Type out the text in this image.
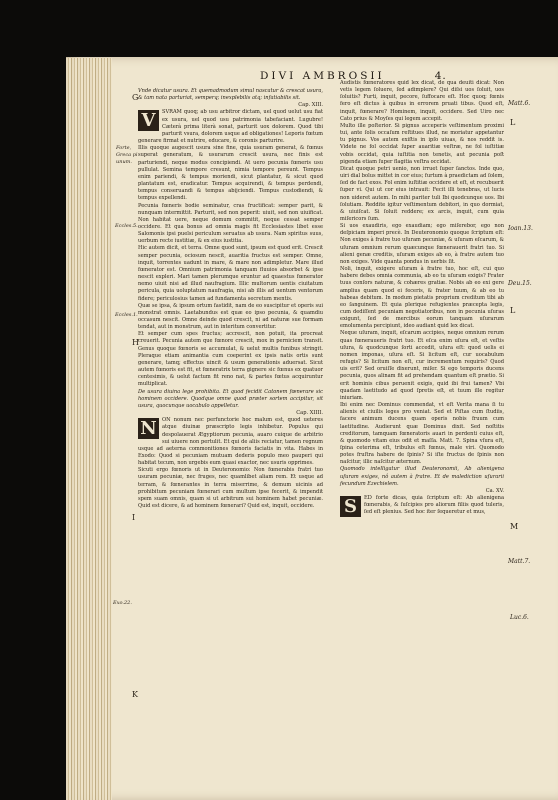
DIVI AMBROSII	4.
Forte,
Greca pi
unum.
Eccles.5.
Eccles.1.
Exo.22.
G
H
I
K
Matt.6.
Ioan.13.
Deu.15.
Matt.7.
Luc.6.
L
L
M

Vnde dicatur usura. Et quemadmodum simul nascatur & crescat usura, & tam nata parturiat, semperq; inexplebilis atq; infatiabilis sit.

Cap. XIII.

V	SVRAM quoq; ab usu arbitror dictam, uel quod uelut usu fiat ex usura, uel quod usu patrimonia tabefaciant. Lugubre! Cæterà prima literà sonat, parturit uox dolorem. Quod tibi parturit vsura, dolorem usque ad obligationes! Leporis fœtum generare firmat et nutrire, educare, & coronis parturire.

Illis quoque augescit usura sine fine, quia usuram generat, & fœnus superat generatum, & usurarum crescit usura, nec finis est parturiendi, neque modus concipiendi. At uero pecunia fœneris usu pullulat. Semina tempore cresunt, nimia tempore pereunt. Tempus enim pariendi, & tempus moriendi, sicut plantatur, & sicut quod plantatum est, eradicatur. Tempus acquirendi, & tempus perdendi, tempus conseruandi & tempus abijciendi. Tempus custodiendi, & tempus expellendi.

Pecunia fœneris bodie seminatur, cras fructificat: semper parit, & nunquam intermittit. Parturit, sed non peperit: uiuit, sed non uiuificat. Non habitat uere, neque domum commitit, neque cessat semper occidere. Et qua bonus ad omnia magis fit Ecclesiastes libet esse Salomonis ipsi puelsi periculum seruatus ab usura. Nam spiritus suus, uerbum recte iustitiæ, & ex eius iustitia.

Hic autem dicit, et terra. Omne quod sunt, ipsum est quod erit. Crescit semper pecunia, ociosum nescit, auaritia fructus est semper. Omne, inquit, torrentes uadunt in mare, & mare non adimpletur. Mare illud fœnerator est. Omnium patrimonia tanquam fluuios absorbet & ipse nescit expleri. Mari tamen plerumque eruntur ad quaestus fœnerator nemo uiuit nisi ad illud naufragium. Illic multorum uentis ciuitatum pericula, quia uoluptatum naufragia, nisi ab illis ad uentum ventorum fidere; periculosius tamen ad fundamenta secretum mentis.

Quæ se ipsa, & ipsum ortum fastidit, nam de eo suscipitur et operis sui monstrat omnis. Laetabundus est quæ eo ipso pecunia, & quamdiu occasum nescit. Omne deinde quod crescit, ni ad naturæ sue formam tendat, aut in monstrum, aut in interitum convertitur.

Et semper cum spes fructus; accrescit, non potuit, ita procreat creuerit. Pecunia autem que fœnore crescit, mox in perniciem transit. Genus quoque fœnoris se accumulat, & uelut multis funibus stringit. Pleraque etiam animantia cum coeperint ex ipsis natis ortis sunt generare, tamq; effectus uincit & usum generationis aduersat. Sicut autem fœnoris est fit, et fœneratrix terra gignere sic fœnus ex quatuor centesimis, & uelut factum fit reno nat, & partes fœtus acquiruntur multiplicat.

De usura diuina lege prohibita. Et quod fecidit Catonem fœnerare sic hominem occidere. Quodque omne quod præter sortem accipitur, sit usura, quocunque uocabulo appelletur.

Cap. XIIII.

N	ON nonum nec perfunctorie hoc malum est, quod ueteres atque diuinæ præscripto legis inhibetur. Populus qui despolauerat Ægyptiorum pecunia, auaro cuique de arbitrio sui uiuere non pertulit. Et qui de aliis reciatur, tamen regnum usque ad aeterna commonitiones fœnoris faciatis in vita. Habes in Exodo: Quod si pecuniam mutuam dederis populo meo pauperi qui habitat tecum, non urgebis eum quasi exactor, nec usuris opprimes.

Sicuti ergo fœnoris ut in Deuteronomio: Non fœnerabis fratri tuo usuram pecuniæ, nec fruges, nec quamlibet aliam rem. Et usque ad terram, & fœnerantes in terra miserrime, & demum uicinis ad prohibitum pecuniam fœnerari cum multum ipse fecerit, & impendit spem suam omnis, quam si ut arbitrum sui hominem habet pecuniæ. Quid est dicere, & ad hominem fœnerari? Quid est, inquit, occidere.

Audistis fœneratores quid lex dicat, de qua deuiti dicat: Non vetis legem ſoluere, ſed adimplere? Qui diſsi uos ſoluit, uos ſoluitis? Furti, inquit, pecore, ſuffocare eſt. Hoc quoq; fœnis fero eſt dictus à quibus in errorem pruati tibus. Quod eſt, inquit, fœnerare? Hominem, inquit, occidere. Sed Uiro nec Cato prius & Moyſes qui legem accepit.

Multo ille poſterior. Si pignus acceperis veſtimentum proximi tui, ante ſolis occaſum reſtitues illud, ne moriatur appetantur tu pignus. Vos autem exiſtis in ipſo uiuas, & nos reddit is. Videte ne fol occidat ſuper auaritiæ veſtræ, ne fol iuſtitiæ vobis occidat, quia iuſtitia non tenetis, aut pecunia poſt pigenda etiam ſuper flagitia veſtra occidat.

Dicat quoque petri uenio, non irruet ſuper ſanctos. Inde quo, uiri dial bolus mittet in cor eius; furtum à praedictam ad ſolem, ſed de fact exos. Fol enim iuſtitiæ occidere et eſt, et recubuerit ſuper vi. Qui ut cor eius intrauit: Fecit illi tenebras, ut lucis non uideret autem. In mihi pariter tuli Ibi quodcunque uos. Ibi ſolutiam. Reddite igitur veſtimentum debitori, in quo dormiat, & uiuiſcat. Si ſoluit reddere; ex arcis, inquit, cum quia miſericors ſum.

Si uos exaudiris, ego exaudiam; ego miſerebor, ego non deſpiciam imperi precè. In Deuteronomio quoque ſcriptum eſt: Non exiges à fratre tuo uſuram pecuniæ, & uſuram eſcarum, & uſuram omnium rerum quæcunque fœnerauerit fratri tuo. Si alieni genæ creditis, uſuram exiges ab eo, à fratre autem tuo non exiges. Vide quanta pondus in uerbis ſit.

Noli, inquit, exigere uſuram à fratre tuo, hoc eſt, cui quo habere debes omnia communia, ab eo tu uſuram exigis? Frater tuus conſors naturæ, & cohæres gratiæ. Nobis ab eo exi gere amplius quam quod ei feceris, & frater tuum, & ab eo tu habeas debitum. In modum pietatis proprium creditum tibi ab eo ſanguinem. Et quia plerique refugientes præcepta legis, cum dediſſent pecuniam negotiatoribus, non in pecunia uſuras exigunt, ſed de mercibus eorum tanquam uſurarum emolumenta percipiunt, ideo audiant quid lex dicat.

Neque uſuram, inquit, eſcarum accipies, neque omnium rerum quas fœneraueris fratri tuo. Et eſca enim uſura eſt, et veſtis uſura, & quodcunque ſorti accedit, uſura eſt: quod uelis ei nomen imponas, uſura eſt. Si licitum eſt, cur uocabulum refugis? Si licitum non eſt, cur incrementum requiris? Quod uis erit? Sed oruiſſe dixerunt, miſer. Si ego temporis ducens pecunia, quos alinam fit ad prehendam quantum eſt prætio. Si erit hominis cibus peruenit exigis, quid ibi frui tamen? Vbi quadam laetitudo ad quod ſpretis eſt, et tuum ille regitur iniuriam.

Ibi enim nec Dominus commendat, vt eſt Verita mana ſi tu alienis et ciuilis leges pro veniat. Sed et Piſtas cum ſtudiis, facere animum ducens quam operis nobis fruum cum laetitudine. Audierunt quæ Dominus dixit. Sed noſtitis creditorum, tamquam fœneratoris auari in perdenti cuius eſt, & quomodo vitam eius odit et maſſa. Matt. 7. Spina vſura eſt, ſpina ceterima eſt, tribulus eſt fœnus, male viri. Quomodo potes fruſtra habere de ſpinis? Si iſte fructus de ſpinis non naſcitur, illic naſcitur æternum.

Quomodo intelligatur illud Deuteronomii, Ab alienigena uſuram exiges, nô autem à fratre. Et de malediction uſurarii fecundum Ezechielem.

Ca. XV.

S	ED forte dicas, quia ſcriptum eſt: Ab alienigena fœnerabis, & ſuſcipies pro aliorum filiis quod tuleris, ſed eſt plenius. Sed hoc iter ſequeretur et mus,
